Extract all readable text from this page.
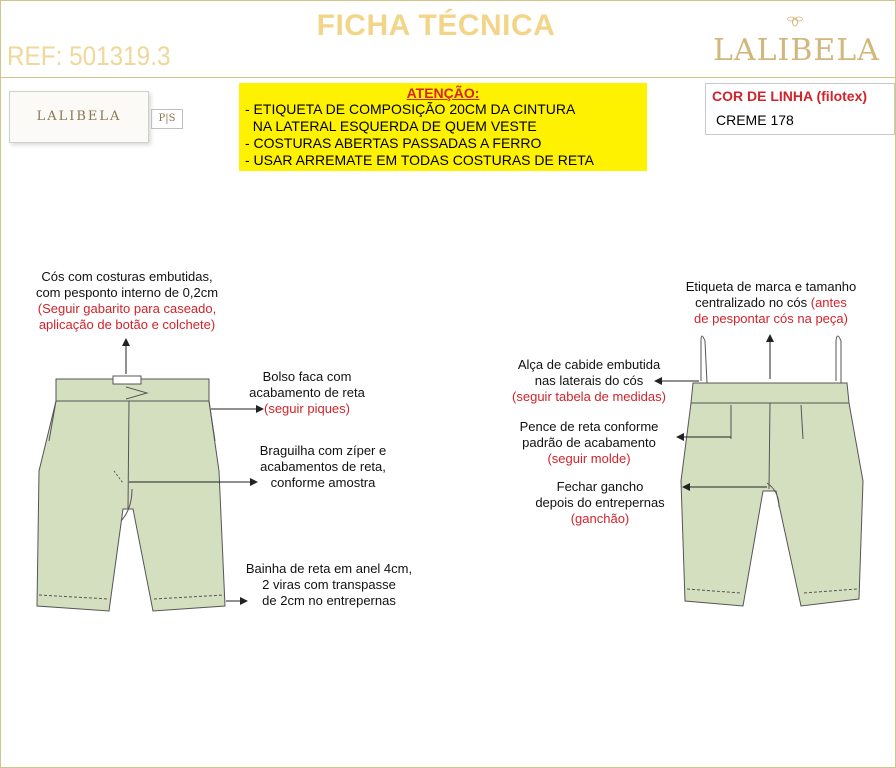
FICHA TÉCNICA
REF: 501319.3	LALIBELA
LALIBELA	P|S
ATENÇÃO:
- ETIQUETA DE COMPOSIÇÃO 20CM DA CINTURA
NA LATERAL ESQUERDA DE QUEM VESTE
- COSTURAS ABERTAS PASSADAS A FERRO
- USAR ARREMATE EM TODAS COSTURAS DE RETA
COR DE LINHA (filotex)
CREME 178
Cós com costuras embutidas,
com pesponto interno de 0,2cm
(Seguir gabarito para caseado,
aplicação de botão e colchete)
Bolso faca com
acabamento de reta
(seguir piques)
Braguilha com zíper e
acabamentos de reta,
conforme amostra
Bainha de reta em anel 4cm,
2 viras com transpasse
de 2cm no entrepernas
Etiqueta de marca e tamanho
centralizado no cós (antes
de pespontar cós na peça)
Alça de cabide embutida
nas laterais do cós
(seguir tabela de medidas)
Pence de reta conforme
padrão de acabamento
(seguir molde)
Fechar gancho
depois do entrepernas
(ganchão)
